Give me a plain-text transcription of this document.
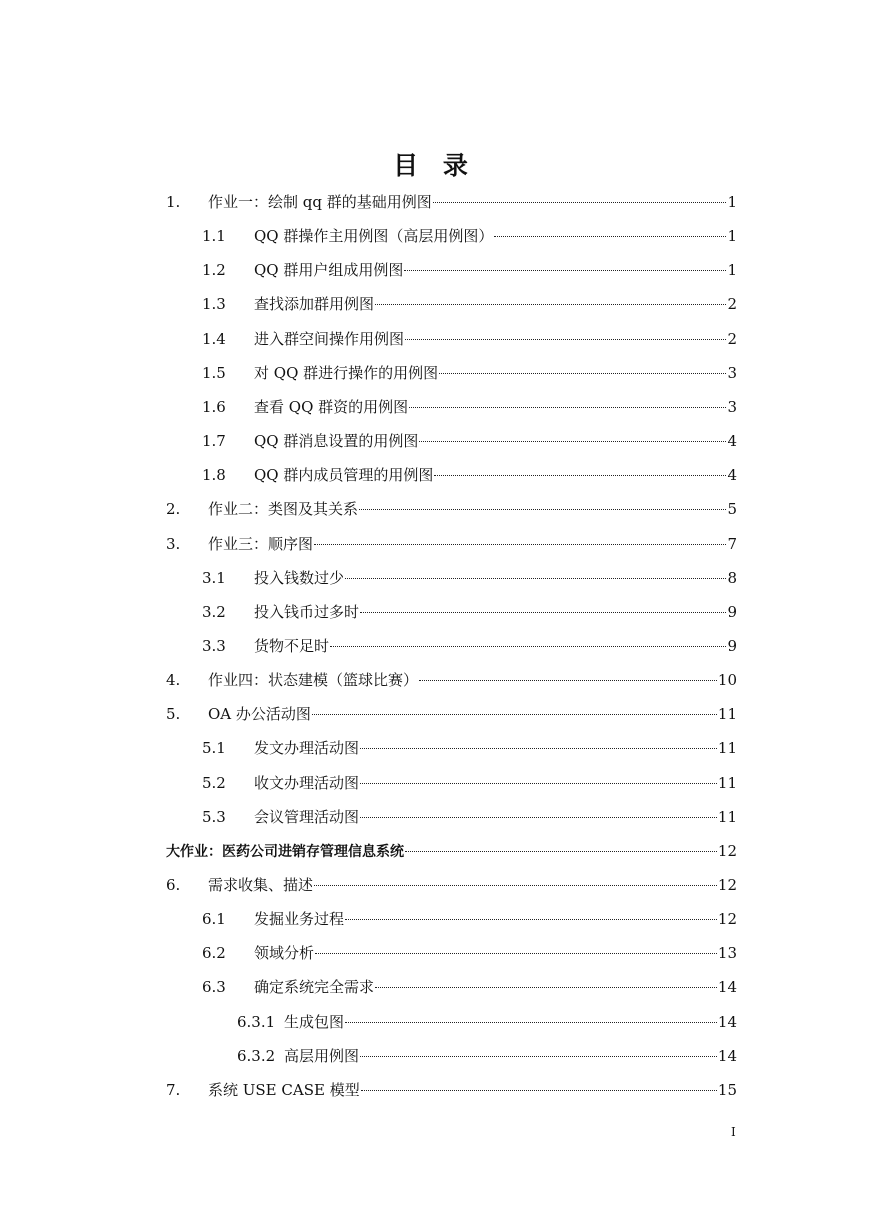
目 录
1.	作业一：绘制 qq 群的基础用例图	1
1.1	QQ 群操作主用例图（高层用例图）	1
1.2	QQ 群用户组成用例图	1
1.3	查找添加群用例图	2
1.4	进入群空间操作用例图	2
1.5	对 QQ 群进行操作的用例图	3
1.6	查看 QQ 群资的用例图	3
1.7	QQ 群消息设置的用例图	4
1.8	QQ 群内成员管理的用例图	4
2.	作业二：类图及其关系	5
3.	作业三：顺序图	7
3.1	投入钱数过少	8
3.2	投入钱币过多时	9
3.3	货物不足时	9
4.	作业四：状态建模（篮球比赛）	10
5.	OA 办公活动图	11
5.1	发文办理活动图	11
5.2	收文办理活动图	11
5.3	会议管理活动图	11
大作业：医药公司进销存管理信息系统	12
6.	需求收集、描述	12
6.1	发掘业务过程	12
6.2	领域分析	13
6.3	确定系统完全需求	14
6.3.1 生成包图	14
6.3.2 高层用例图	14
7.	系统 USE CASE 模型	15
I
